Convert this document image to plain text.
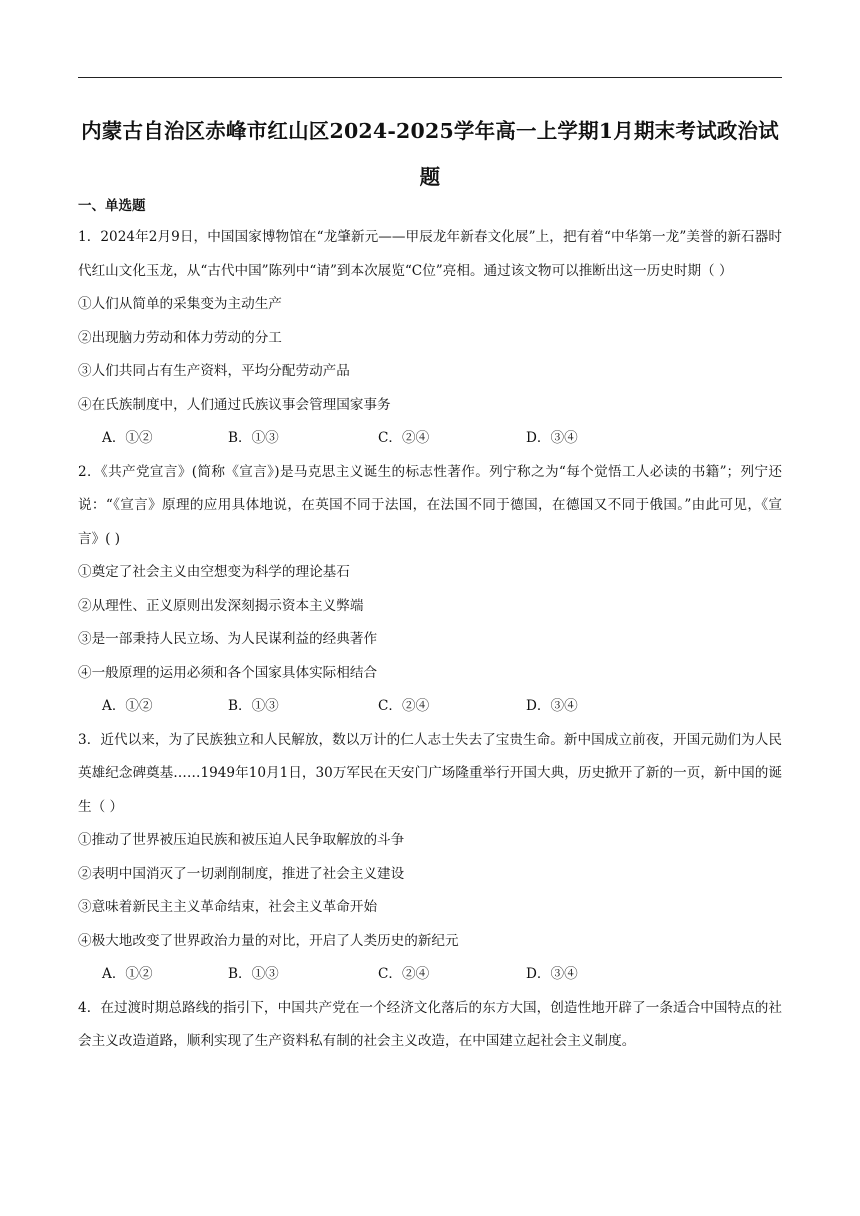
内蒙古自治区赤峰市红山区2024-2025学年高一上学期1月期末考试政治试题
一、单选题
1．2024年2月9日，中国国家博物馆在“龙肇新元——甲辰龙年新春文化展”上，把有着“中华第一龙”美誉的新石器时代红山文化玉龙，从“古代中国”陈列中“请”到本次展览“C位”亮相。通过该文物可以推断出这一历史时期（ ）
①人们从简单的采集变为主动生产
②出现脑力劳动和体力劳动的分工
③人们共同占有生产资料，平均分配劳动产品
④在氏族制度中，人们通过氏族议事会管理国家事务
A．①②	B．①③	C．②④	D．③④
2．《共产党宣言》(简称《宣言》)是马克思主义诞生的标志性著作。列宁称之为“每个觉悟工人必读的书籍”；列宁还说：“《宣言》原理的应用具体地说，在英国不同于法国，在法国不同于德国，在德国又不同于俄国。”由此可见，《宣言》( )
①奠定了社会主义由空想变为科学的理论基石
②从理性、正义原则出发深刻揭示资本主义弊端
③是一部秉持人民立场、为人民谋利益的经典著作
④一般原理的运用必须和各个国家具体实际相结合
A．①②	B．①③	C．②④	D．③④
3．近代以来，为了民族独立和人民解放，数以万计的仁人志士失去了宝贵生命。新中国成立前夜，开国元勋们为人民英雄纪念碑奠基……1949年10月1日，30万军民在天安门广场隆重举行开国大典，历史掀开了新的一页，新中国的诞生（ ）
①推动了世界被压迫民族和被压迫人民争取解放的斗争
②表明中国消灭了一切剥削制度，推进了社会主义建设
③意味着新民主主义革命结束，社会主义革命开始
④极大地改变了世界政治力量的对比，开启了人类历史的新纪元
A．①②	B．①③	C．②④	D．③④
4．在过渡时期总路线的指引下，中国共产党在一个经济文化落后的东方大国，创造性地开辟了一条适合中国特点的社会主义改造道路，顺利实现了生产资料私有制的社会主义改造，在中国建立起社会主义制度。
